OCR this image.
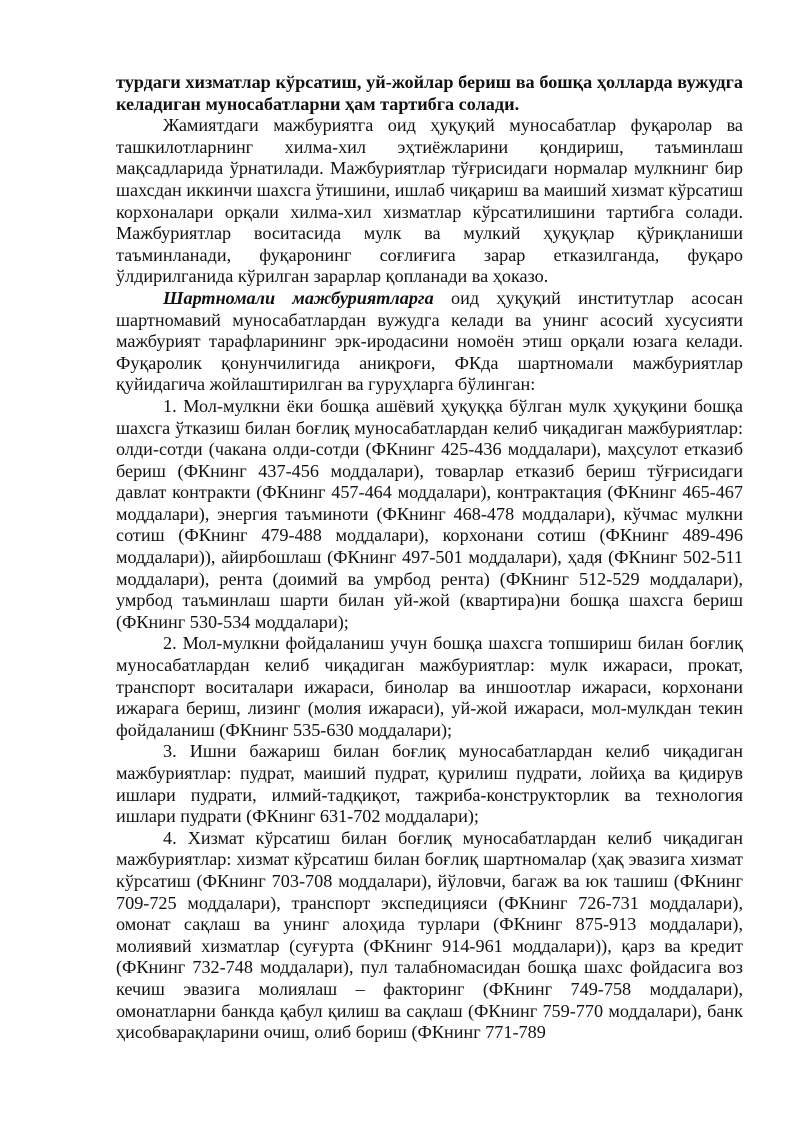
турдаги хизматлар кўрсатиш, уй-жойлар бериш ва бошқа ҳолларда вужудга келадиган муносабатларни ҳам тартибга солади.

Жамиятдаги мажбуриятга оид ҳуқуқий муносабатлар фуқаролар ва ташкилотларнинг хилма-хил эҳтиёжларини қондириш, таъминлаш мақсадларида ўрнатилади. Мажбуриятлар тўғрисидаги нормалар мулкнинг бир шахсдан иккинчи шахсга ўтишини, ишлаб чиқариш ва маиший хизмат кўрсатиш корхоналари орқали хилма-хил хизматлар кўрсатилишини тартибга солади. Мажбуриятлар воситасида мулк ва мулкий ҳуқуқлар қўриқланиши таъминланади, фуқаронинг соғлиғига зарар етказилганда, фуқаро ўлдирилганида кўрилган зарарлар қопланади ва ҳоказо.

Шартномали мажбуриятларга оид ҳуқуқий институтлар асосан шартномавий муносабатлардан вужудга келади ва унинг асосий хусусияти мажбурият тарафларининг эрк-иродасини номоён этиш орқали юзага келади. Фуқаролик қонунчилигида аниқроғи, ФКда шартномали мажбуриятлар қуйидагича жойлаштирилган ва гуруҳларга бўлинган:

1. Мол-мулкни ёки бошқа ашёвий ҳуқуққа бўлган мулк ҳуқуқини бошқа шахсга ўтказиш билан боғлиқ муносабатлардан келиб чиқадиган мажбуриятлар: олди-сотди (чакана олди-сотди (ФКнинг 425-436 моддалари), маҳсулот етказиб бериш (ФКнинг 437-456 моддалари), товарлар етказиб бериш тўғрисидаги давлат контракти (ФКнинг 457-464 моддалари), контрактация (ФКнинг 465-467 моддалари), энергия таъминоти (ФКнинг 468-478 моддалари), кўчмас мулкни сотиш (ФКнинг 479-488 моддалари), корхонани сотиш (ФКнинг 489-496 моддалари)), айирбошлаш (ФКнинг 497-501 моддалари), ҳадя (ФКнинг 502-511 моддалари), рента (доимий ва умрбод рента) (ФКнинг 512-529 моддалари), умрбод таъминлаш шарти билан уй-жой (квартира)ни бошқа шахсга бериш (ФКнинг 530-534 моддалари);

2. Мол-мулкни фойдаланиш учун бошқа шахсга топшириш билан боғлиқ муносабатлардан келиб чиқадиган мажбуриятлар: мулк ижараси, прокат, транспорт воситалари ижараси, бинолар ва иншоотлар ижараси, корхонани ижарага бериш, лизинг (молия ижараси), уй-жой ижараси, мол-мулкдан текин фойдаланиш (ФКнинг 535-630 моддалари);

3. Ишни бажариш билан боғлиқ муносабатлардан келиб чиқадиган мажбуриятлар: пудрат, маиший пудрат, қурилиш пудрати, лойиҳа ва қидирув ишлари пудрати, илмий-тадқиқот, тажриба-конструкторлик ва технология ишлари пудрати (ФКнинг 631-702 моддалари);

4. Хизмат кўрсатиш билан боғлиқ муносабатлардан келиб чиқадиган мажбуриятлар: хизмат кўрсатиш билан боғлиқ шартномалар (ҳақ эвазига хизмат кўрсатиш (ФКнинг 703-708 моддалари), йўловчи, багаж ва юк ташиш (ФКнинг 709-725 моддалари), транспорт экспедицияси (ФКнинг 726-731 моддалари), омонат сақлаш ва унинг алоҳида турлари (ФКнинг 875-913 моддалари), молиявий хизматлар (суғурта (ФКнинг 914-961 моддалари)), қарз ва кредит (ФКнинг 732-748 моддалари), пул талабномасидан бошқа шахс фойдасига воз кечиш эвазига молиялаш – факторинг (ФКнинг 749-758 моддалари), омонатларни банкда қабул қилиш ва сақлаш (ФКнинг 759-770 моддалари), банк ҳисобварақларини очиш, олиб бориш (ФКнинг 771-789
